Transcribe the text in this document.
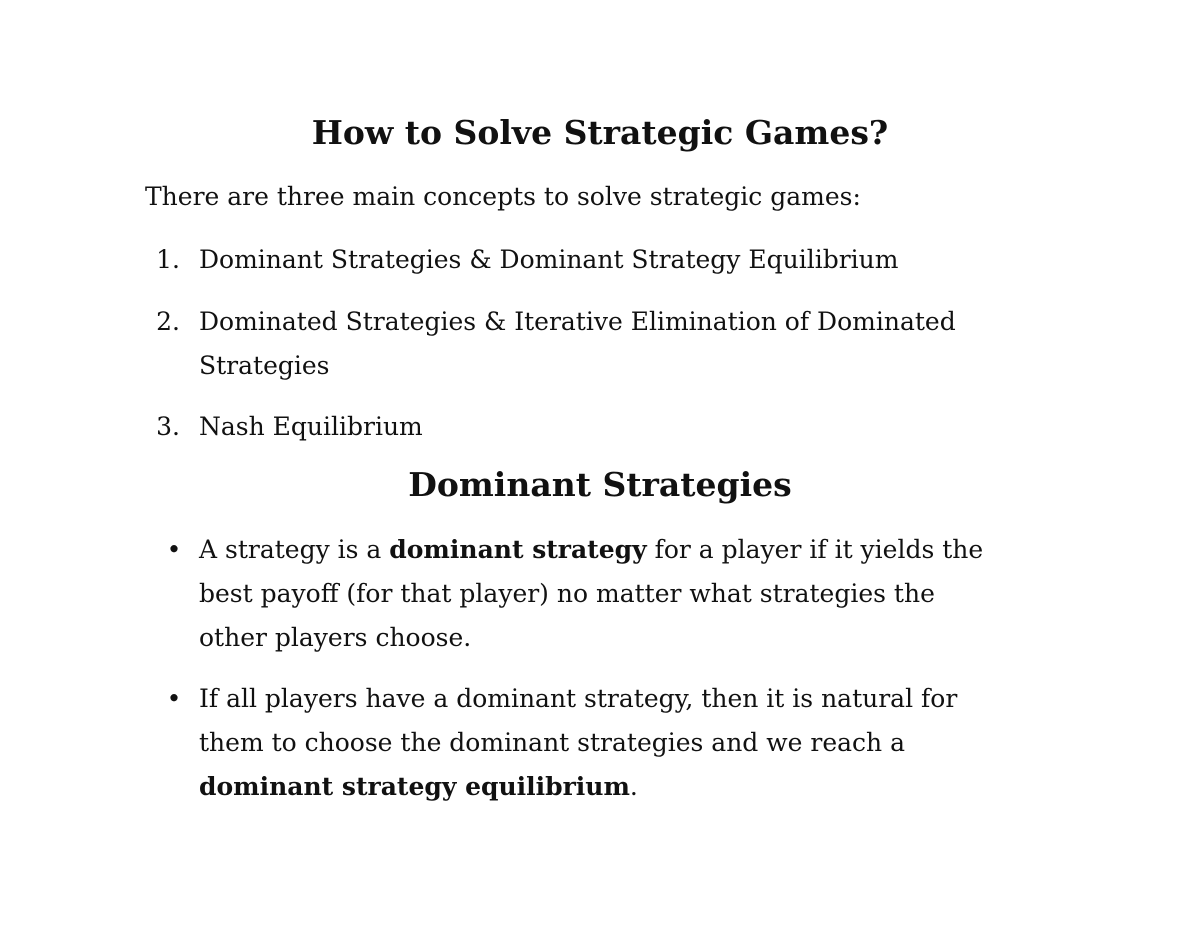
How to Solve Strategic Games?

There are three main concepts to solve strategic games:

1. Dominant Strategies & Dominant Strategy Equilibrium
2. Dominated Strategies & Iterative Elimination of Dominated
Strategies
3. Nash Equilibrium
Dominant Strategies
• A strategy is a dominant strategy for a player if it yields the
best payoff (for that player) no matter what strategies the
other players choose.
• If all players have a dominant strategy, then it is natural for
them to choose the dominant strategies and we reach a
dominant strategy equilibrium.
